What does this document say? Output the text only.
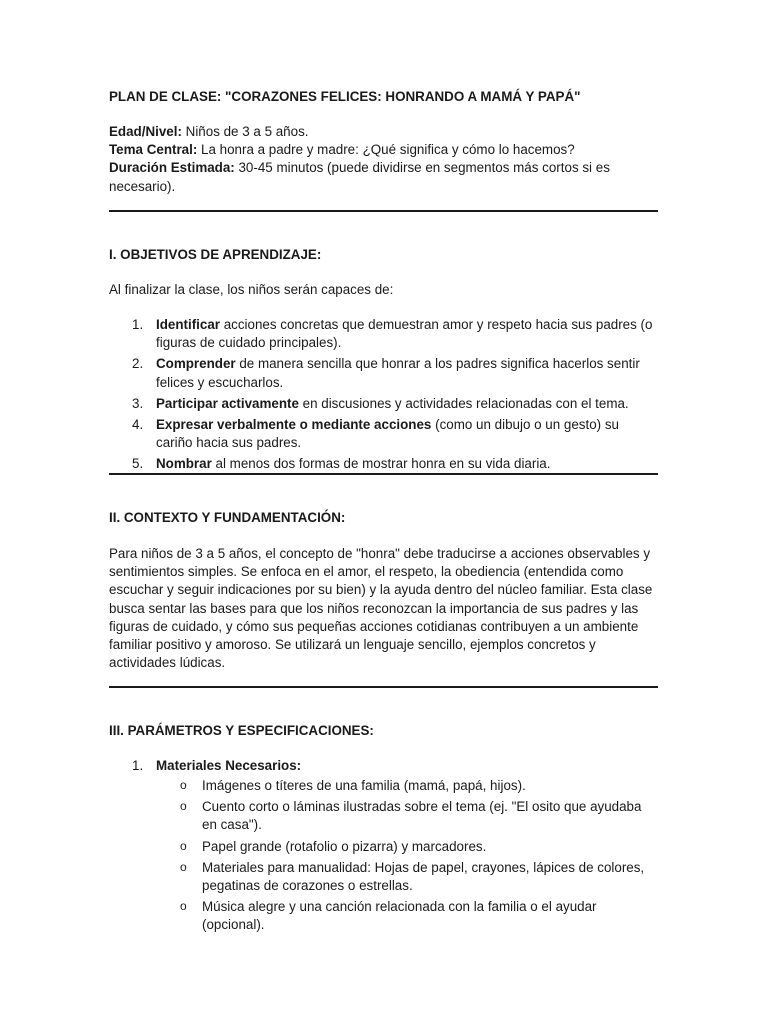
PLAN DE CLASE: "CORAZONES FELICES: HONRANDO A MAMÁ Y PAPÁ"
Edad/Nivel: Niños de 3 a 5 años.
Tema Central: La honra a padre y madre: ¿Qué significa y cómo lo hacemos?
Duración Estimada: 30-45 minutos (puede dividirse en segmentos más cortos si es necesario).
I. OBJETIVOS DE APRENDIZAJE:
Al finalizar la clase, los niños serán capaces de:
1. Identificar acciones concretas que demuestran amor y respeto hacia sus padres (o figuras de cuidado principales).
2. Comprender de manera sencilla que honrar a los padres significa hacerlos sentir felices y escucharlos.
3. Participar activamente en discusiones y actividades relacionadas con el tema.
4. Expresar verbalmente o mediante acciones (como un dibujo o un gesto) su cariño hacia sus padres.
5. Nombrar al menos dos formas de mostrar honra en su vida diaria.
II. CONTEXTO Y FUNDAMENTACIÓN:
Para niños de 3 a 5 años, el concepto de "honra" debe traducirse a acciones observables y sentimientos simples. Se enfoca en el amor, el respeto, la obediencia (entendida como escuchar y seguir indicaciones por su bien) y la ayuda dentro del núcleo familiar. Esta clase busca sentar las bases para que los niños reconozcan la importancia de sus padres y las figuras de cuidado, y cómo sus pequeñas acciones cotidianas contribuyen a un ambiente familiar positivo y amoroso. Se utilizará un lenguaje sencillo, ejemplos concretos y actividades lúdicas.
III. PARÁMETROS Y ESPECIFICACIONES:
1. Materiales Necesarios:
o Imágenes o títeres de una familia (mamá, papá, hijos).
o Cuento corto o láminas ilustradas sobre el tema (ej. "El osito que ayudaba en casa").
o Papel grande (rotafolio o pizarra) y marcadores.
o Materiales para manualidad: Hojas de papel, crayones, lápices de colores, pegatinas de corazones o estrellas.
o Música alegre y una canción relacionada con la familia o el ayudar (opcional).
